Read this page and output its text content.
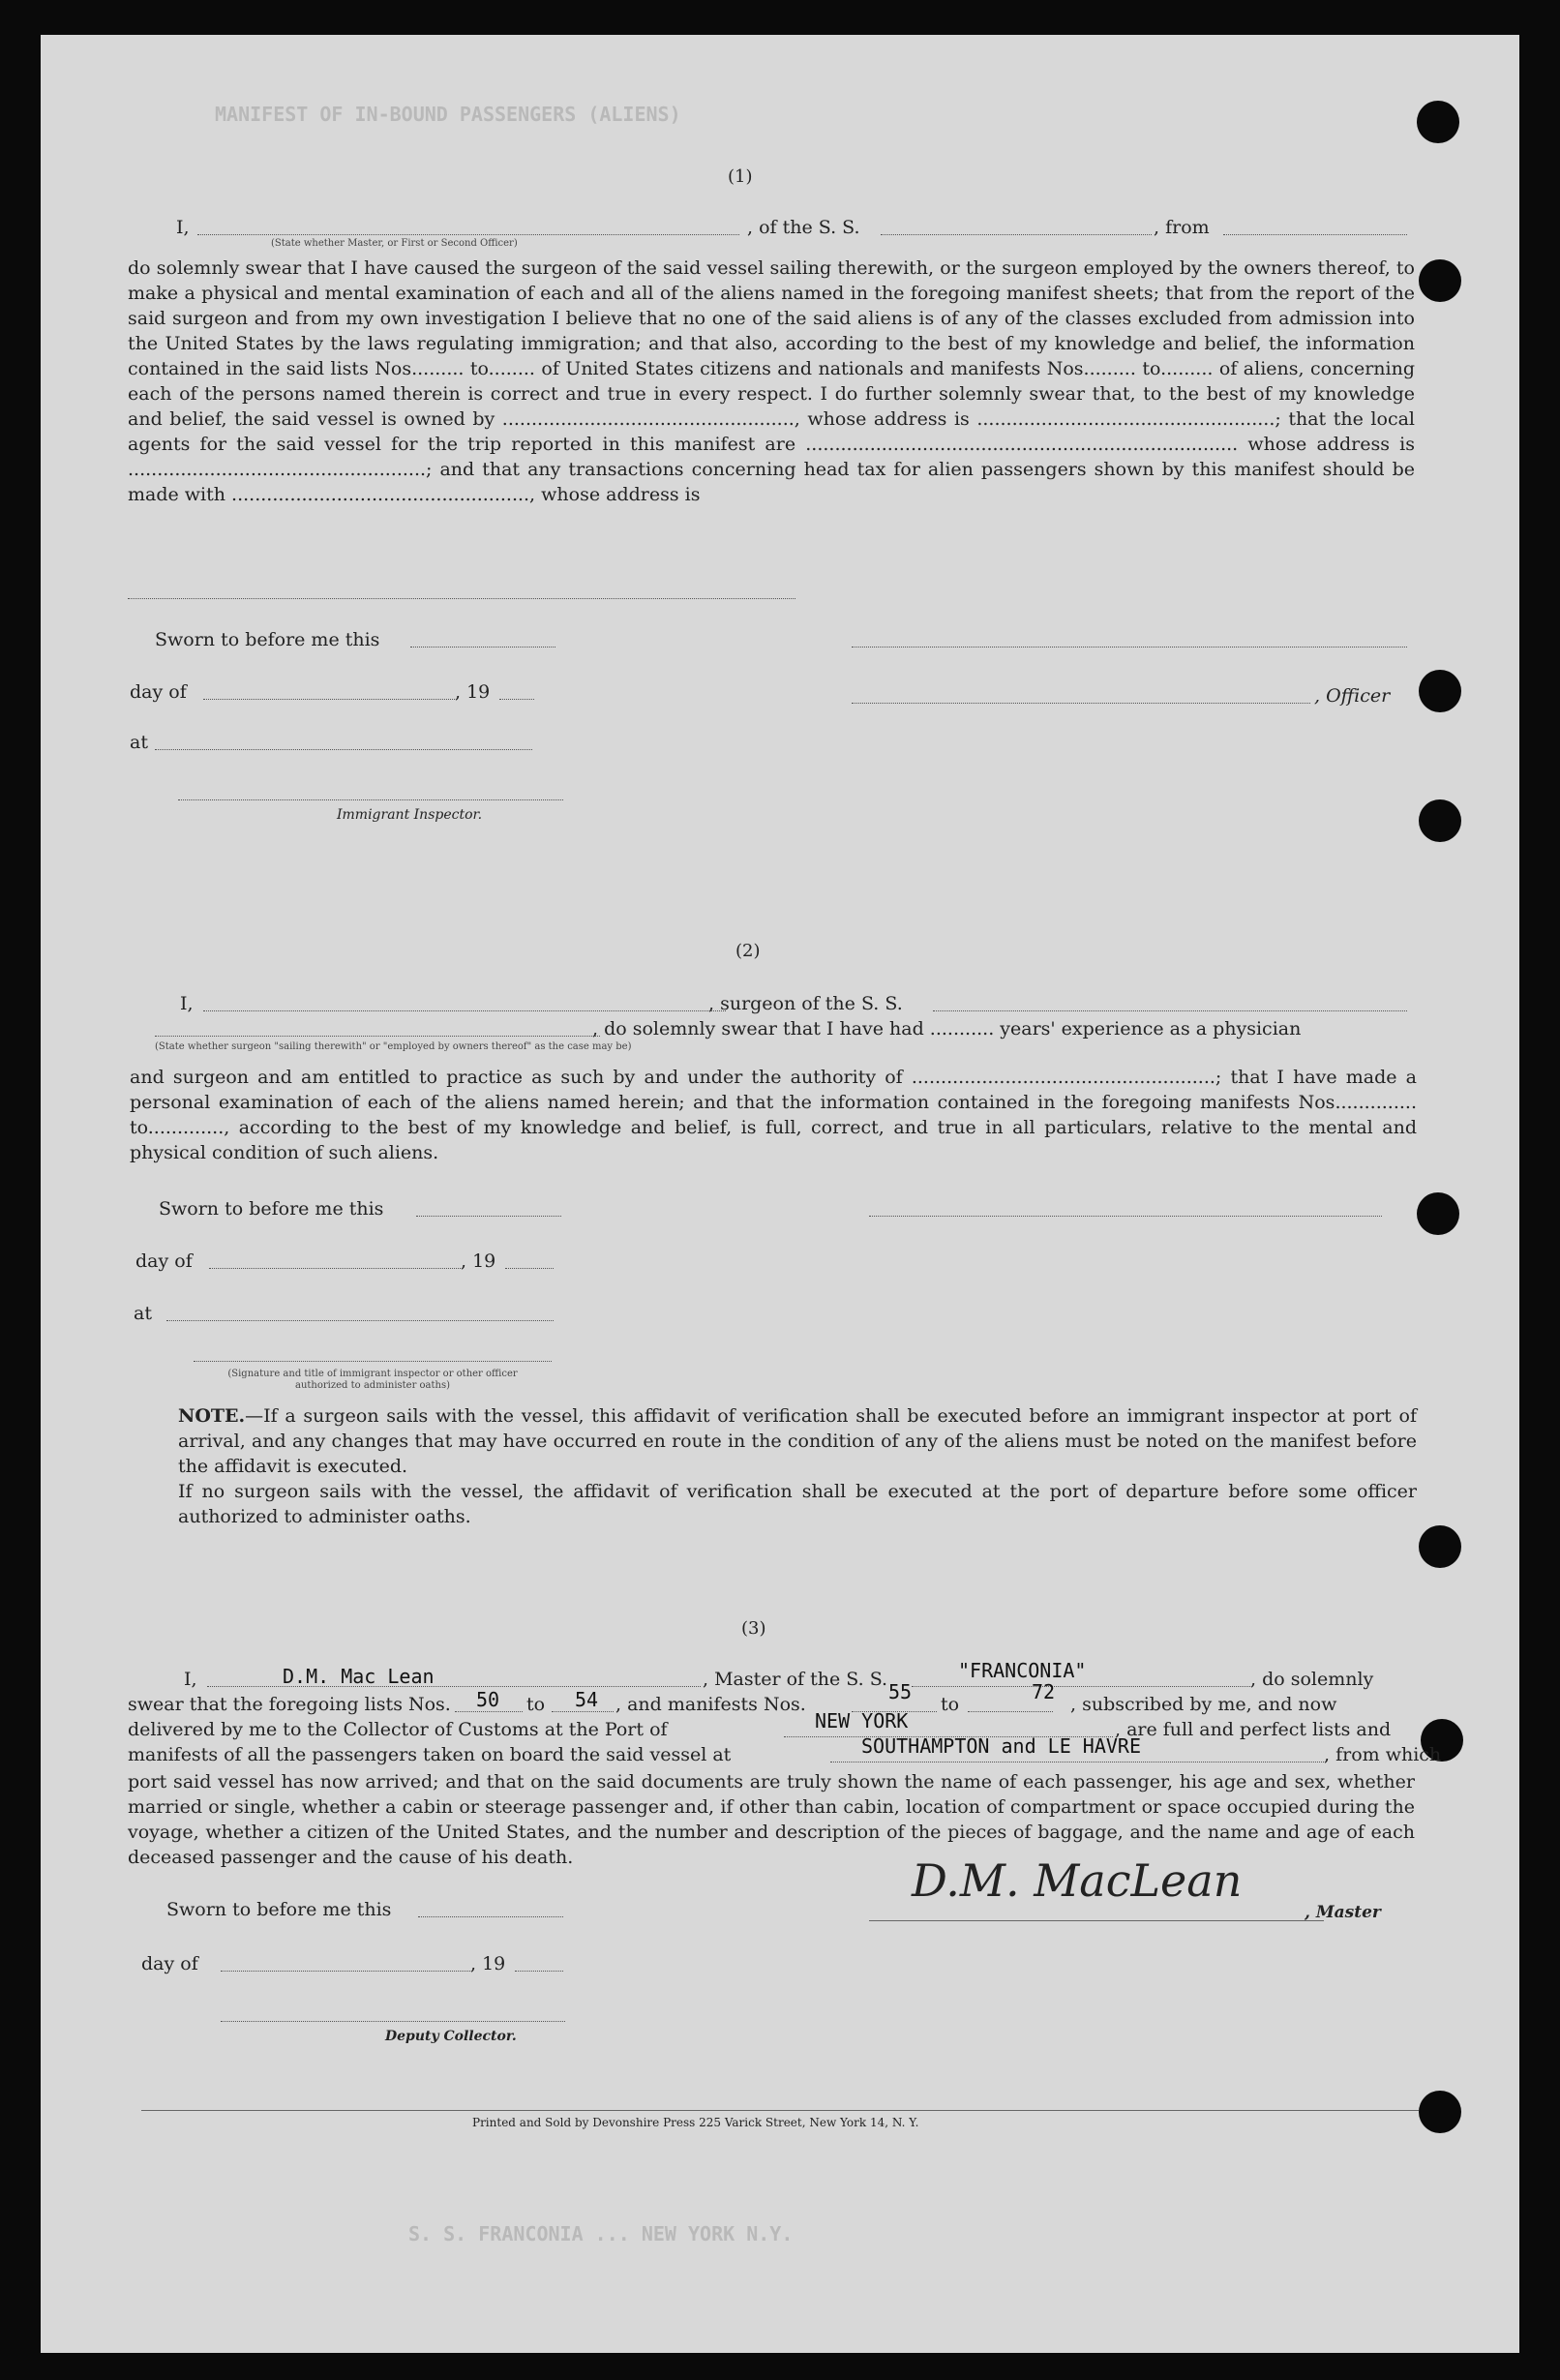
MANIFEST OF IN-BOUND PASSENGERS (ALIENS)
S. S. FRANCONIA ... NEW YORK N.Y.
(1)
I,	, of the S. S.	, from
(State whether Master, or First or Second Officer)
do solemnly swear that I have caused the surgeon of the said vessel sailing therewith, or the surgeon employed by the owners thereof, to make a physical and mental examination of each and all of the aliens named in the foregoing manifest sheets; that from the report of the said surgeon and from my own investigation I believe that no one of the said aliens is of any of the classes excluded from admission into the United States by the laws regulating immigration; and that also, according to the best of my knowledge and belief, the information contained in the said lists Nos......... to........ of United States citizens and nationals and manifests Nos......... to......... of aliens, concerning each of the persons named therein is correct and true in every respect. I do further solemnly swear that, to the best of my knowledge and belief, the said vessel is owned by .................................................., whose address is ...................................................; that the local agents for the said vessel for the trip reported in this manifest are .......................................................................... whose address is ...................................................; and that any transactions concerning head tax for alien passengers shown by this manifest should be made with ..................................................., whose address is
Sworn to before me this
day of	, 19	, Officer
at
Immigrant Inspector.
(2)
I,	, surgeon of the S. S.
, do solemnly swear that I have had ........... years' experience as a physician
(State whether surgeon "sailing therewith" or "employed by owners thereof" as the case may be)
and surgeon and am entitled to practice as such by and under the authority of ....................................................; that I have made a personal examination of each of the aliens named herein; and that the information contained in the foregoing manifests Nos.............. to............., according to the best of my knowledge and belief, is full, correct, and true in all particulars, relative to the mental and physical condition of such aliens.
Sworn to before me this
day of	, 19
at
(Signature and title of immigrant inspector or other officer authorized to administer oaths)
NOTE.—If a surgeon sails with the vessel, this affidavit of verification shall be executed before an immigrant inspector at port of arrival, and any changes that may have occurred en route in the condition of any of the aliens must be noted on the manifest before the affidavit is executed.
If no surgeon sails with the vessel, the affidavit of verification shall be executed at the port of departure before some officer authorized to administer oaths.
(3)
I,	D.M. Mac Lean	, Master of the S. S.	"FRANCONIA"	, do solemnly
swear that the foregoing lists Nos. 50 to 54 , and manifests Nos.
55
to
72
, subscribed by me, and now
delivered by me to the Collector of Customs at the Port of	NEW YORK	, are full and perfect lists and
manifests of all the passengers taken on board the said vessel at	SOUTHAMPTON and LE HAVRE	, from which
port said vessel has now arrived; and that on the said documents are truly shown the name of each passenger, his age and sex, whether married or single, whether a cabin or steerage passenger and, if other than cabin, location of compartment or space occupied during the voyage, whether a citizen of the United States, and the number and description of the pieces of baggage, and the name and age of each deceased passenger and the cause of his death.
Sworn to before me this
D.M. MacLean
, Master
day of	, 19
Deputy Collector.
Printed and Sold by Devonshire Press 225 Varick Street, New York 14, N. Y.
